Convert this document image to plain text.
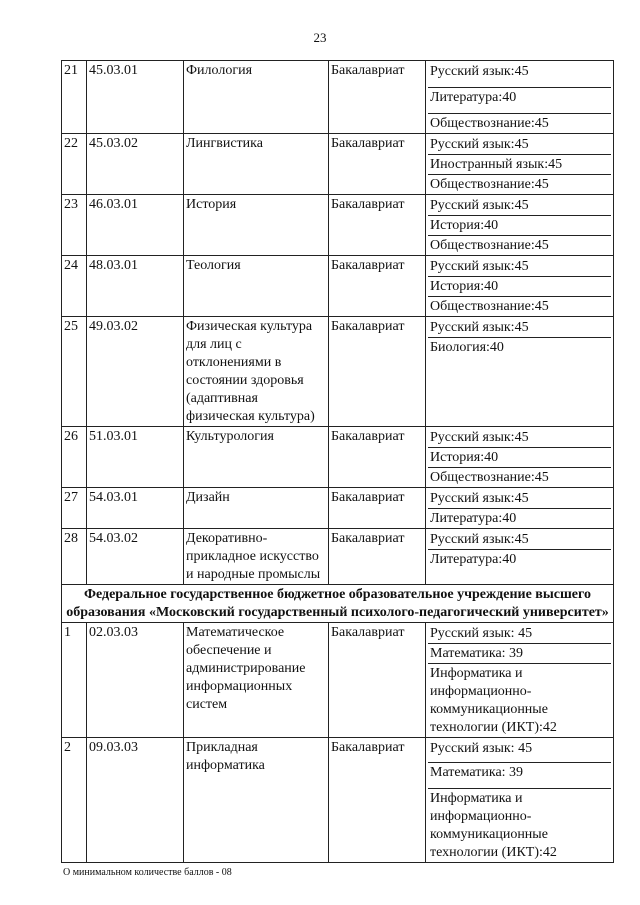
23
21	45.03.01	Филология	Бакалавриат	Русский язык:45
Литература:40
Обществознание:45

22	45.03.02	Лингвистика	Бакалавриат	Русский язык:45
Иностранный язык:45
Обществознание:45

23	46.03.01	История	Бакалавриат	Русский язык:45
История:40
Обществознание:45

24	48.03.01	Теология	Бакалавриат	Русский язык:45
История:40
Обществознание:45

25	49.03.02	Физическая культура для лиц с отклонениями в состоянии здоровья (адаптивная физическая культура)	Бакалавриат	Русский язык:45
Биология:40

26	51.03.01	Культурология	Бакалавриат	Русский язык:45
История:40
Обществознание:45

27	54.03.01	Дизайн	Бакалавриат	Русский язык:45
Литература:40

28	54.03.02	Декоративно-прикладное искусство и народные промыслы	Бакалавриат	Русский язык:45
Литература:40

Федеральное государственное бюджетное образовательное учреждение высшего образования «Московский государственный психолого-педагогический университет»				
1	02.03.03	Математическое обеспечение и администрирование информационных систем	Бакалавриат	Русский язык: 45
Математика: 39
Информатика и информационно-коммуникационные технологии (ИКТ):42

2	09.03.03	Прикладная информатика	Бакалавриат	Русский язык: 45
Математика: 39
Информатика и информационно-коммуникационные технологии (ИКТ):42
О минимальном количестве баллов - 08
